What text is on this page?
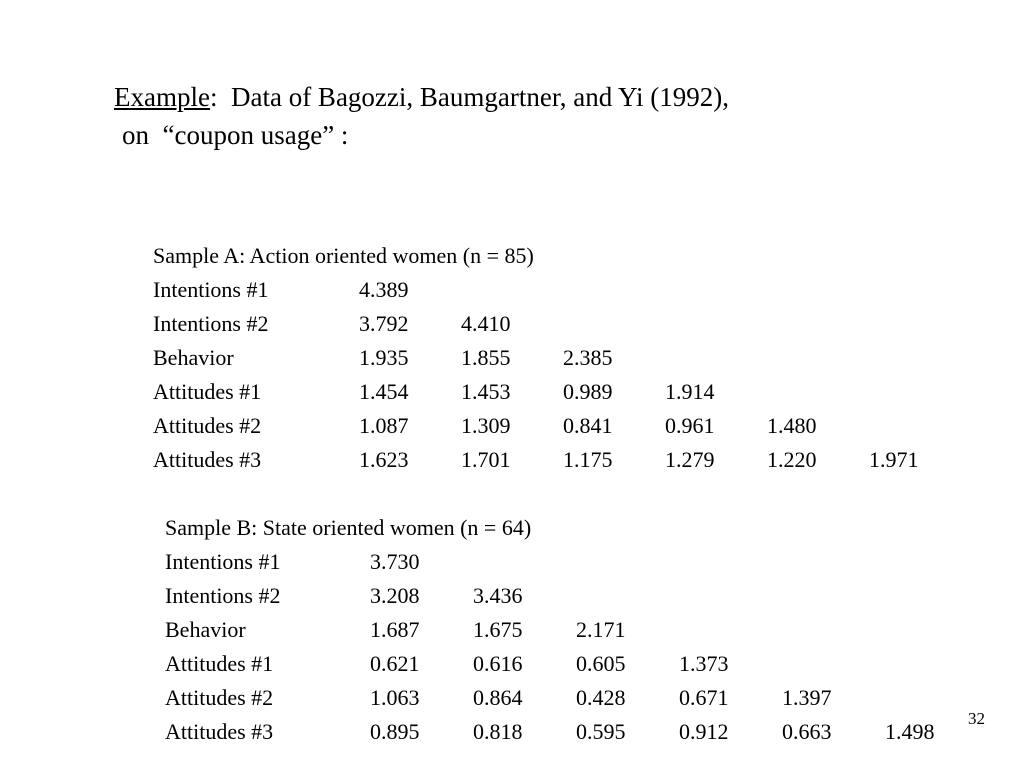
Example:  Data of Bagozzi, Baumgartner, and Yi (1992),
on  “coupon usage” :
Sample A: Action oriented women (n = 85)
Intentions #1	4.389
Intentions #2	3.792	4.410
Behavior	1.935	1.855	2.385
Attitudes #1	1.454	1.453	0.989	1.914
Attitudes #2	1.087	1.309	0.841	0.961	1.480
Attitudes #3	1.623	1.701	1.175	1.279	1.220	1.971
Sample B: State oriented women (n = 64)
Intentions #1	3.730
Intentions #2	3.208	3.436
Behavior	1.687	1.675	2.171
Attitudes #1	0.621	0.616	0.605	1.373
Attitudes #2	1.063	0.864	0.428	0.671	1.397
Attitudes #3	0.895	0.818	0.595	0.912	0.663	1.498
32
